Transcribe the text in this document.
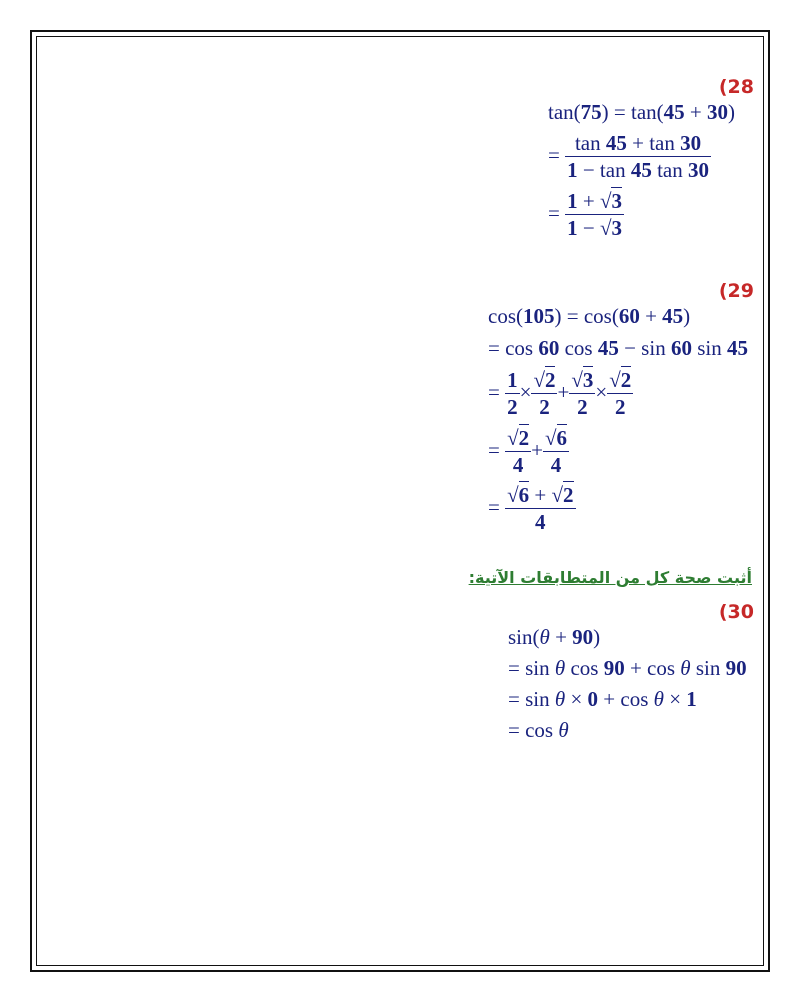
(28
tan(75) = tan(45 + 30)
= $\frac{\tan 45 + \tan 30}{1 - \tan 45 \tan 30}$
= $\frac{1 + √3}{1 - √3}$
(29
cos(105) = cos(60 + 45)
= cos 60 cos 45 − sin 60 sin 45
= $\frac{1}{2} \times \frac{√2}{2} + \frac{√3}{2} \times \frac{√2}{2}$
= $\frac{√2}{4} + \frac{√6}{4}$
= $\frac{√6 + √2}{4}$
أثبت صحة كل من المتطابقات الآتية:
(30
sin(θ + 90)
= sin θ cos 90 + cos θ sin 90
= sin θ × 0 + cos θ × 1
= cos θ
